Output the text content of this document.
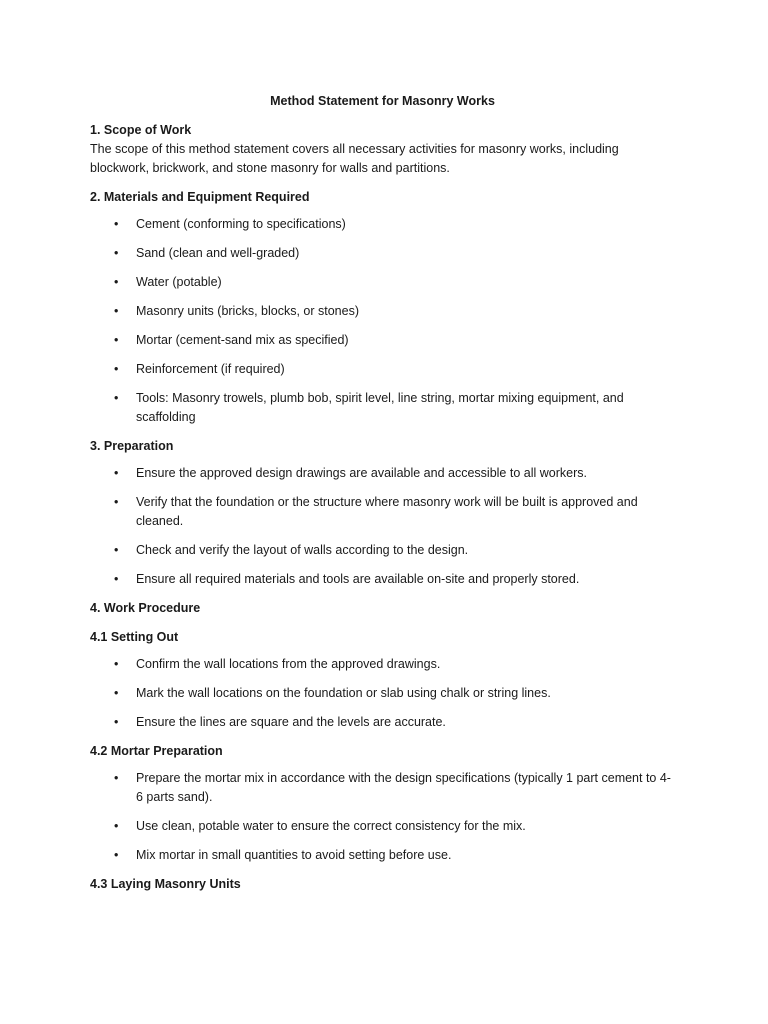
Method Statement for Masonry Works
1. Scope of Work
The scope of this method statement covers all necessary activities for masonry works, including blockwork, brickwork, and stone masonry for walls and partitions.
2. Materials and Equipment Required
• Cement (conforming to specifications)
• Sand (clean and well-graded)
• Water (potable)
• Masonry units (bricks, blocks, or stones)
• Mortar (cement-sand mix as specified)
• Reinforcement (if required)
• Tools: Masonry trowels, plumb bob, spirit level, line string, mortar mixing equipment, and scaffolding
3. Preparation
• Ensure the approved design drawings are available and accessible to all workers.
• Verify that the foundation or the structure where masonry work will be built is approved and cleaned.
• Check and verify the layout of walls according to the design.
• Ensure all required materials and tools are available on-site and properly stored.
4. Work Procedure
4.1 Setting Out
• Confirm the wall locations from the approved drawings.
• Mark the wall locations on the foundation or slab using chalk or string lines.
• Ensure the lines are square and the levels are accurate.
4.2 Mortar Preparation
• Prepare the mortar mix in accordance with the design specifications (typically 1 part cement to 4-6 parts sand).
• Use clean, potable water to ensure the correct consistency for the mix.
• Mix mortar in small quantities to avoid setting before use.
4.3 Laying Masonry Units
